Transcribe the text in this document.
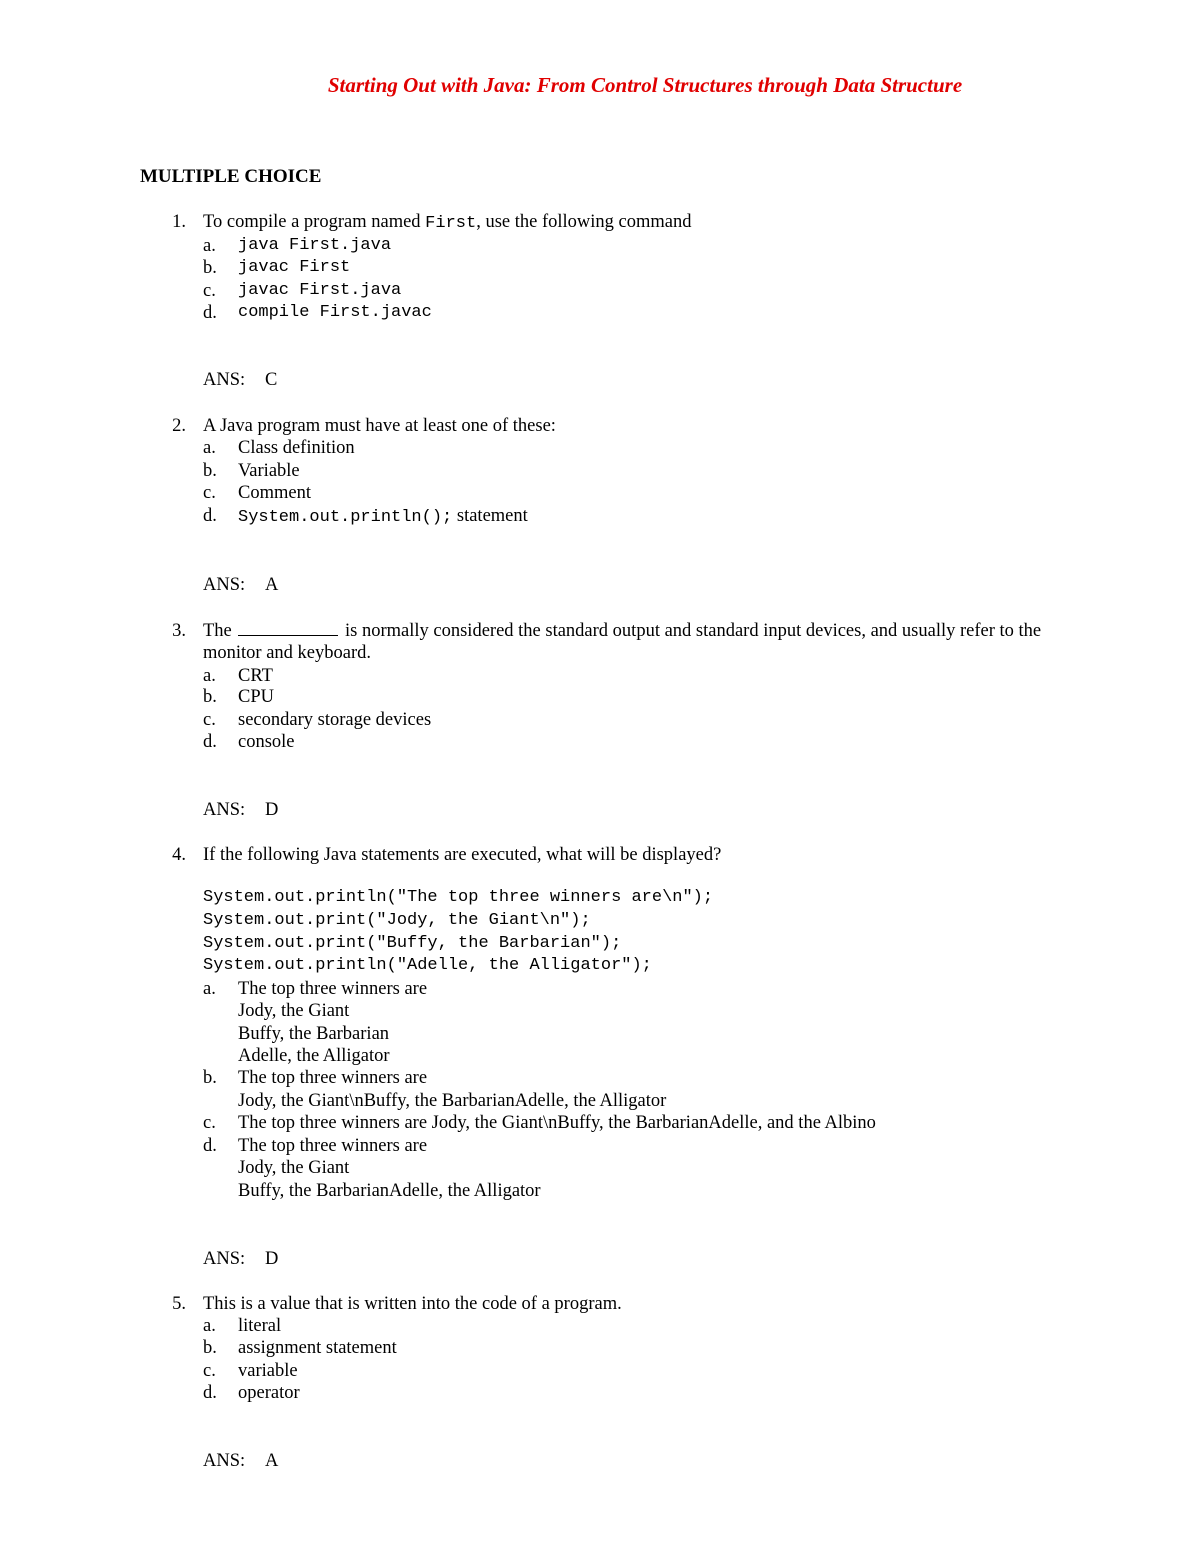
Starting Out with Java: From Control Structures through Data Structure
MULTIPLE CHOICE
1. To compile a program named First, use the following command
a. java First.java
b. javac First
c. javac First.java
d. compile First.javac
ANS: C
2. A Java program must have at least one of these:
a. Class definition
b. Variable
c. Comment
d. System.out.println(); statement
ANS: A
3. The	is normally considered the standard output and standard input devices, and usually refer to the
monitor and keyboard.
a. CRT
b. CPU
c. secondary storage devices
d. console
ANS: D
4. If the following Java statements are executed, what will be displayed?
System.out.println("The top three winners are\n");
System.out.print("Jody, the Giant\n");
System.out.print("Buffy, the Barbarian");
System.out.println("Adelle, the Alligator");
a. The top three winners are
Jody, the Giant
Buffy, the Barbarian
Adelle, the Alligator
b. The top three winners are
Jody, the Giant\nBuffy, the BarbarianAdelle, the Alligator
c. The top three winners are Jody, the Giant\nBuffy, the BarbarianAdelle, and the Albino
d. The top three winners are
Jody, the Giant
Buffy, the BarbarianAdelle, the Alligator
ANS: D
5. This is a value that is written into the code of a program.
a. literal
b. assignment statement
c. variable
d. operator
ANS: A
